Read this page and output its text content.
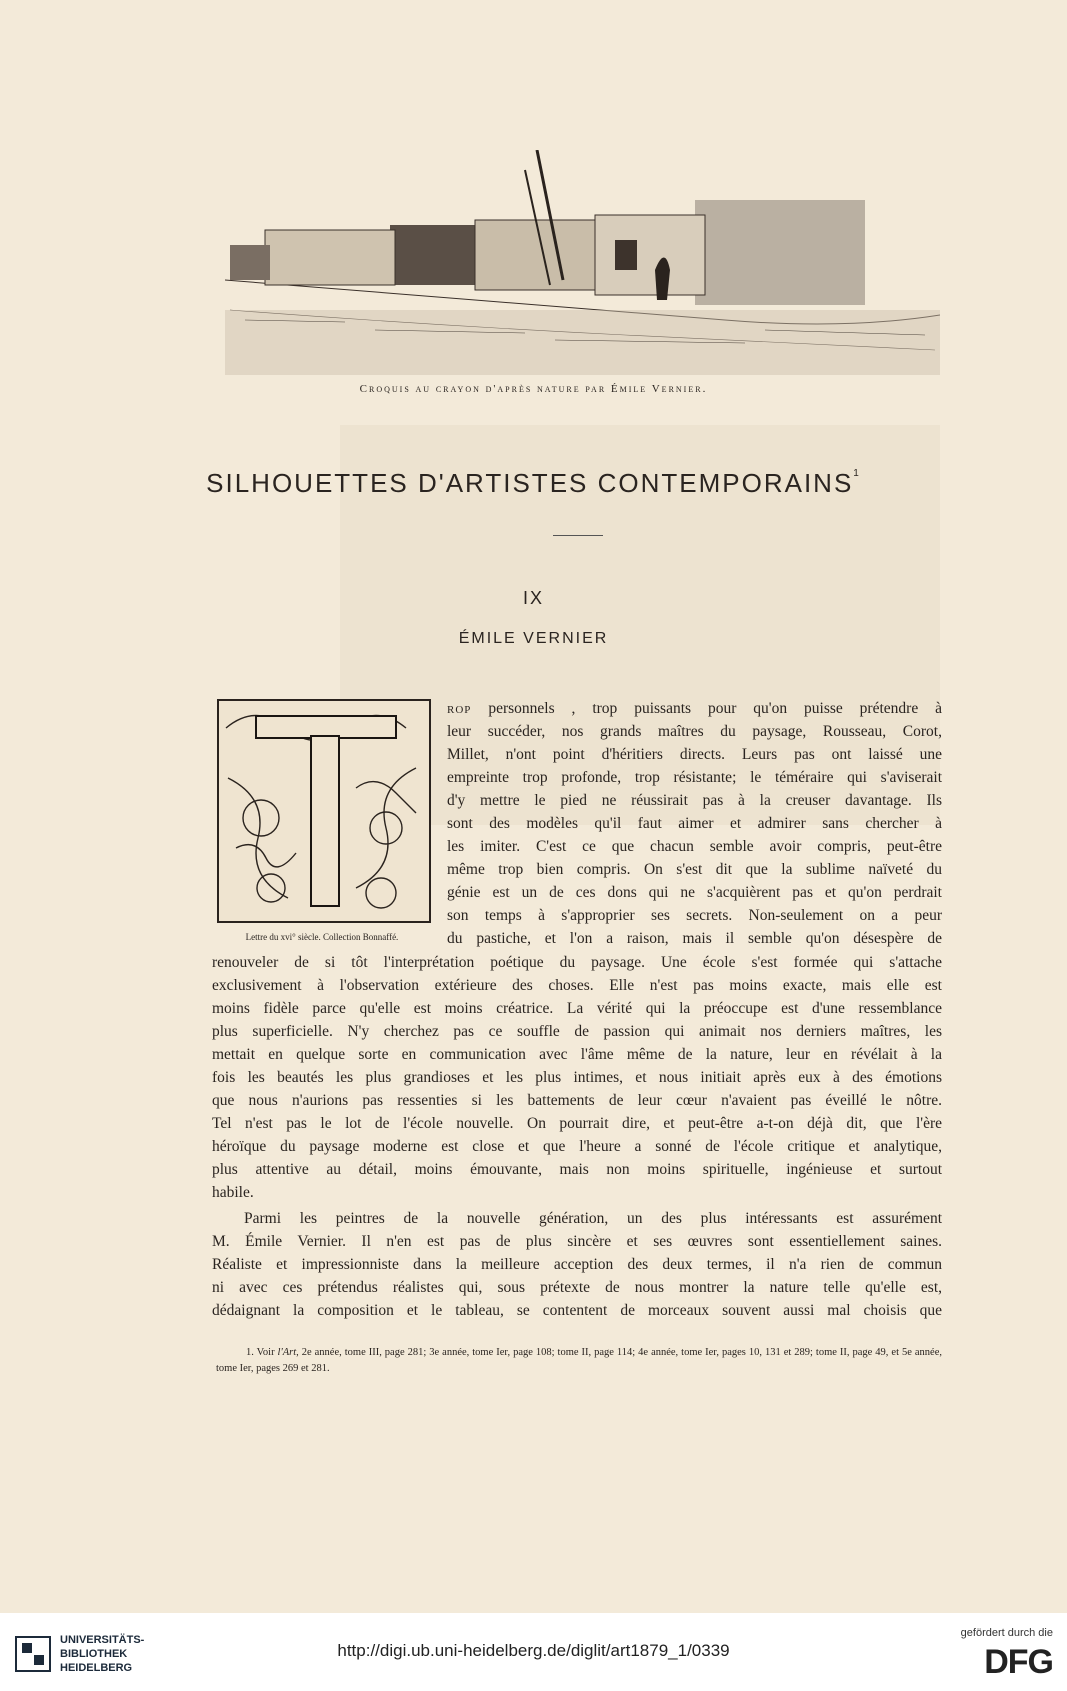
Croquis au crayon d'après nature par Émile Vernier.
SILHOUETTES D'ARTISTES CONTEMPORAINS$^1$
IX
ÉMILE VERNIER
Lettre du xvi° siècle. Collection Bonnaffé.
rop personnels , trop puissants pour qu'on puisse prétendre à
leur succéder, nos grands maîtres du paysage, Rousseau, Corot,
Millet, n'ont point d'héritiers directs. Leurs pas ont laissé une
empreinte trop profonde, trop résistante; le téméraire qui s'aviserait
d'y mettre le pied ne réussirait pas à la creuser davantage. Ils
sont des modèles qu'il faut aimer et admirer sans chercher à
les imiter. C'est ce que chacun semble avoir compris, peut-être
même trop bien compris. On s'est dit que la sublime naïveté du
génie est un de ces dons qui ne s'acquièrent pas et qu'on perdrait
son temps à s'approprier ses secrets. Non-seulement on a peur
du pastiche, et l'on a raison, mais il semble qu'on désespère de
renouveler de si tôt l'interprétation poétique du paysage. Une école s'est formée qui s'attache
exclusivement à l'observation extérieure des choses. Elle n'est pas moins exacte, mais elle est
moins fidèle parce qu'elle est moins créatrice. La vérité qui la préoccupe est d'une ressemblance
plus superficielle. N'y cherchez pas ce souffle de passion qui animait nos derniers maîtres, les
mettait en quelque sorte en communication avec l'âme même de la nature, leur en révélait à la
fois les beautés les plus grandioses et les plus intimes, et nous initiait après eux à des émotions
que nous n'aurions pas ressenties si les battements de leur cœur n'avaient pas éveillé le nôtre.
Tel n'est pas le lot de l'école nouvelle. On pourrait dire, et peut-être a-t-on déjà dit, que l'ère
héroïque du paysage moderne est close et que l'heure a sonné de l'école critique et analytique,
plus attentive au détail, moins émouvante, mais non moins spirituelle, ingénieuse et surtout
habile.
Parmi les peintres de la nouvelle génération, un des plus intéressants est assurément
M. Émile Vernier. Il n'en est pas de plus sincère et ses œuvres sont essentiellement saines.
Réaliste et impressionniste dans la meilleure acception des deux termes, il n'a rien de commun
ni avec ces prétendus réalistes qui, sous prétexte de nous montrer la nature telle qu'elle est,
dédaignant la composition et le tableau, se contentent de morceaux souvent aussi mal choisis que
1. Voir l'Art, 2e année, tome III, page 281; 3e année, tome Ier, page 108; tome II, page 114; 4e année, tome Ier, pages 10, 131 et 289; tome II, page 49, et 5e année, tome Ier, pages 269 et 281.
UNIVERSITÄTS-
BIBLIOTHEK
HEIDELBERG
http://digi.ub.uni-heidelberg.de/diglit/art1879_1/0339
gefördert durch die
DFG
